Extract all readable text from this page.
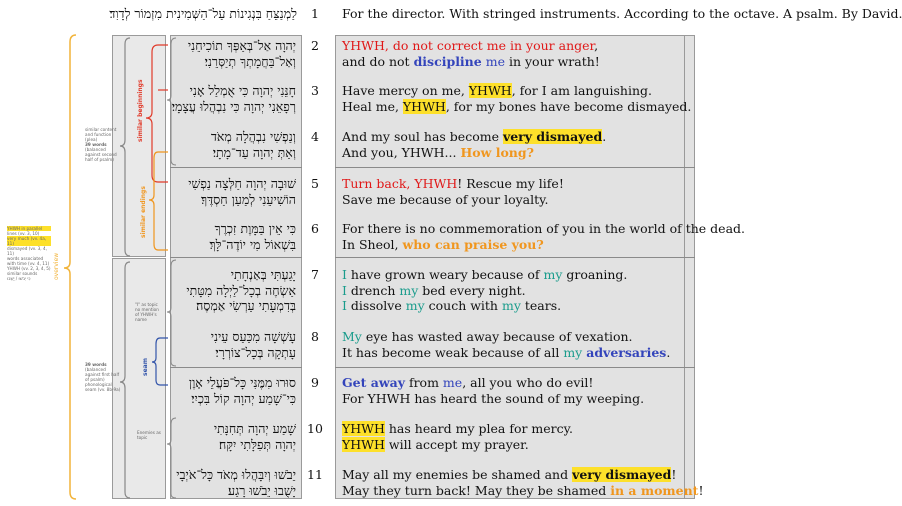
לַמְנַצֵּחַ בִּנְגִינוֹת עַל־הַשְּׁמִינִית מִזְמוֹר לְדָוִד׃	1	For the director. With stringed instruments. According to the octave. A psalm. By David.
2
יְהוָה אַל־בְּאַפְּךָ תוֹכִיחֵנִי
וְאַל־בַּחֲמָתְךָ תְיַסְּרֵנִי׃
YHWH, do not correct me in your anger,
and do not discipline me in your wrath!
3
חָנֵּנִי יְהוָה כִּי אֻמְלַל אָנִי
רְפָאֵנִי יְהוָה כִּי נִבְהֲלוּ עֲצָמָי׃
Have mercy on me, YHWH, for I am languishing.
Heal me, YHWH, for my bones have become dismayed.
4
וְנַפְשִׁי נִבְהֲלָה מְאֹד
וְאַתְּ יְהוָה עַד־מָתָי׃
And my soul has become very dismayed.
And you, YHWH... How long?
5
שׁוּבָה יְהוָה חַלְּצָה נַפְשִׁי
הוֹשִׁיעֵנִי לְמַעַן חַסְדֶּךָ׃
Turn back, YHWH! Rescue my life!
Save me because of your loyalty.
6
כִּי אֵין בַּמָּוֶת זִכְרֶךָ
בִּשְׁאוֹל מִי יוֹדֶה־לָּךְ׃
For there is no commemoration of you in the world of the dead.
In Sheol, who can praise you?
7
יָגַעְתִּי בְּאַנְחָתִי
אַשְׂחֶה בְכָל־לַיְלָה מִטָּתִי
בְּדִמְעָתִי עַרְשִׂי אַמְסֶה׃
I have grown weary because of my groaning.
I drench my bed every night.
I dissolve my couch with my tears.
8
עָשְׁשָׁה מִכַּעַס עֵינִי
עָתְקָה בְּכָל־צוֹרְרָי׃
My eye has wasted away because of vexation.
It has become weak because of all my adversaries.
9
סוּרוּ מִמֶּנִּי כָּל־פֹּעֲלֵי אָוֶן
כִּי־שָׁמַע יְהוָה קוֹל בִּכְיִי׃
Get away from me, all you who do evil!
For YHWH has heard the sound of my weeping.
10
שָׁמַע יְהוָה תְּחִנָּתִי
יְהוָה תְּפִלָּתִי יִקָּח׃
YHWH has heard my plea for mercy.
YHWH will accept my prayer.
11
יֵבֹשׁוּ וְיִבָּהֲלוּ מְאֹד כָּל־אֹיְבָי
יָשֻׁבוּ יֵבֹשׁוּ רָגַע׃
May all my enemies be shamed and very dismayed!
May they turn back! May they be shamed in a moment!
overview
similar beginnings
similar endings
seam
similar content
and function
(plea)
39 words
(balanced
against second
half of psalm)
"I" as topic
no mention
of YHWH's
name
39 words
(balanced
against first half
of psalm)
phonological
seam (vv. 8b-9a)
Enemies as
topic
YHWH in parallel
lines (vv. 3, 10)
very much (vv. 4a, 11)
dismayed (vv. 3, 4, 11)
words associated
with time (vv. 4, 11)
YHWH (vv. 2, 3, 4, 5)
similar sounds
כִּי יֵבֹשׁוּ / יָשֻׁבוּ
